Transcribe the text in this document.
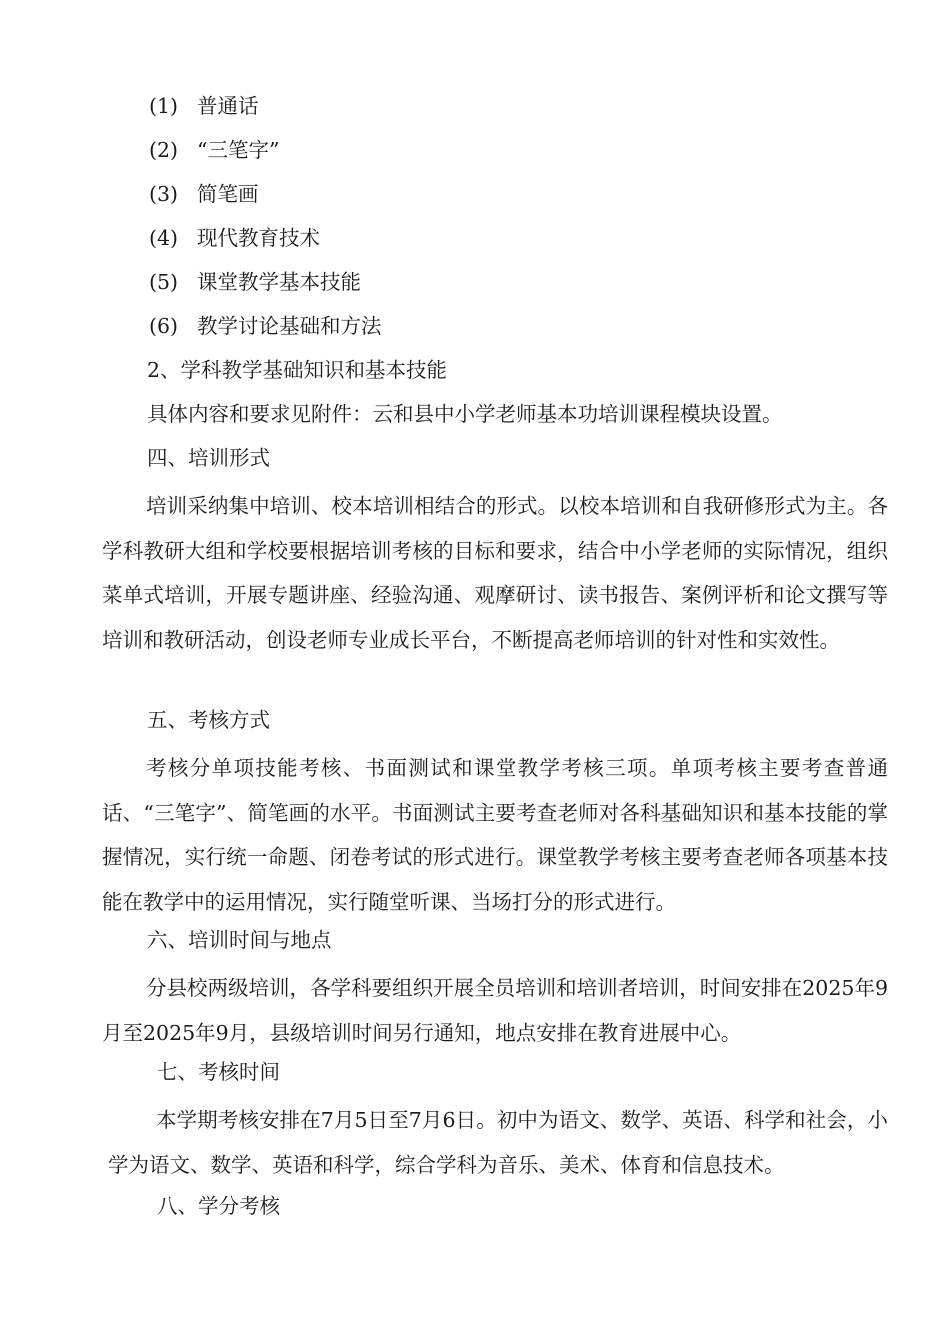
(1) 普通话
(2) “三笔字”
(3) 简笔画
(4) 现代教育技术
(5) 课堂教学基本技能
(6) 教学讨论基础和方法
2、学科教学基础知识和基本技能
具体内容和要求见附件：云和县中小学老师基本功培训课程模块设置。
四、培训形式

培训采纳集中培训、校本培训相结合的形式。以校本培训和自我研修形式为主。各学科教研大组和学校要根据培训考核的目标和要求，结合中小学老师的实际情况，组织菜单式培训，开展专题讲座、经验沟通、观摩研讨、读书报告、案例评析和论文撰写等培训和教研活动，创设老师专业成长平台，不断提高老师培训的针对性和实效性。

五、考核方式

考核分单项技能考核、书面测试和课堂教学考核三项。单项考核主要考查普通话、“三笔字”、简笔画的水平。书面测试主要考查老师对各科基础知识和基本技能的掌握情况，实行统一命题、闭卷考试的形式进行。课堂教学考核主要考查老师各项基本技能在教学中的运用情况，实行随堂听课、当场打分的形式进行。

六、培训时间与地点

分县校两级培训，各学科要组织开展全员培训和培训者培训，时间安排在2025年9月至2025年9月，县级培训时间另行通知，地点安排在教育进展中心。

七、考核时间

本学期考核安排在7月5日至7月6日。初中为语文、数学、英语、科学和社会，小学为语文、数学、英语和科学，综合学科为音乐、美术、体育和信息技术。

八、学分考核
